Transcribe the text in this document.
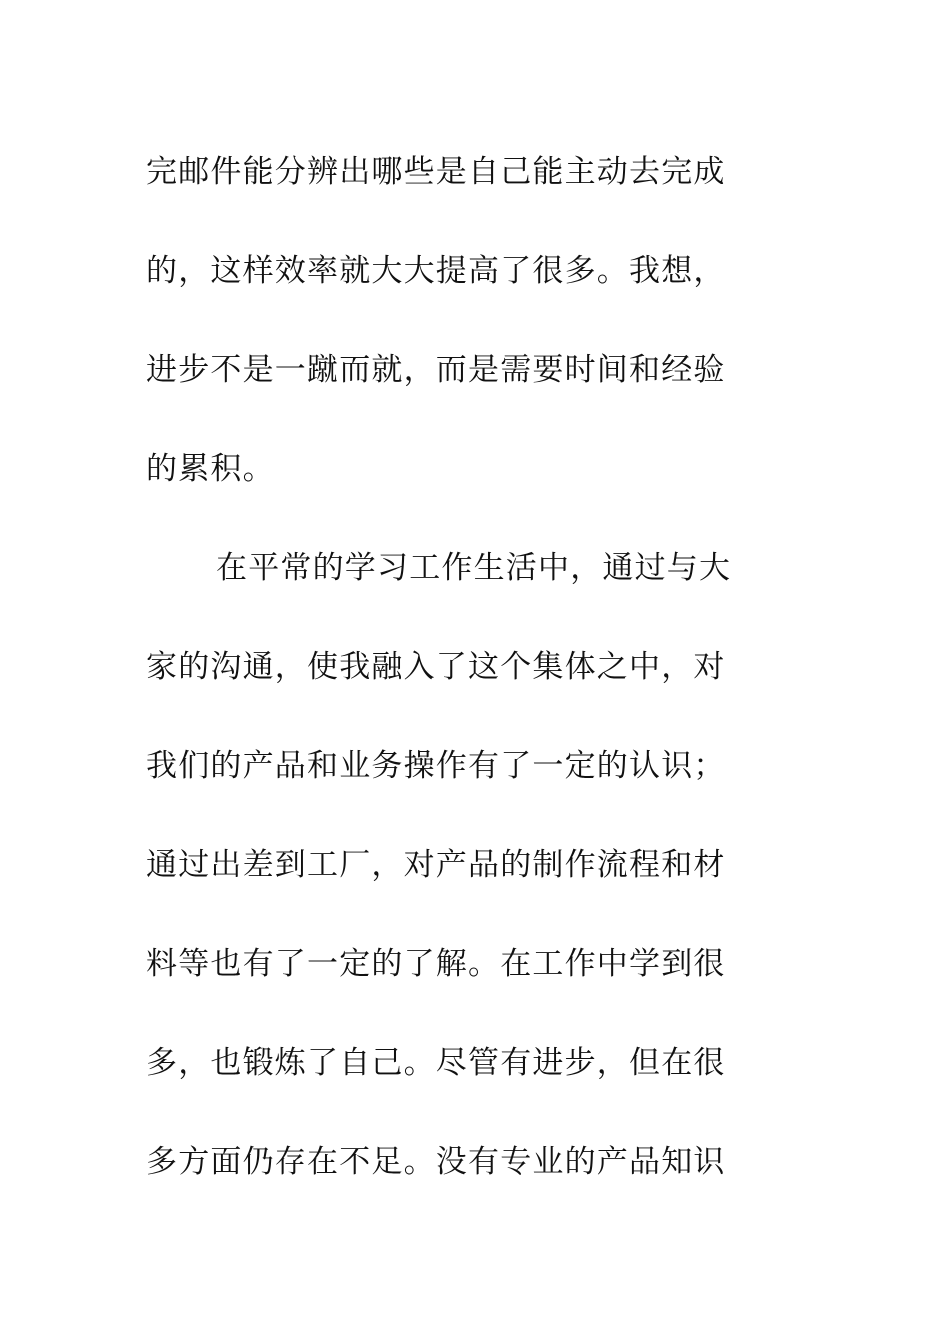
完邮件能分辨出哪些是自己能主动去完成
的，这样效率就大大提高了很多。我想，
进步不是一蹴而就，而是需要时间和经验
的累积。
在平常的学习工作生活中，通过与大
家的沟通，使我融入了这个集体之中，对
我们的产品和业务操作有了一定的认识；
通过出差到工厂，对产品的制作流程和材
料等也有了一定的了解。在工作中学到很
多，也锻炼了自己。尽管有进步，但在很
多方面仍存在不足。没有专业的产品知识
